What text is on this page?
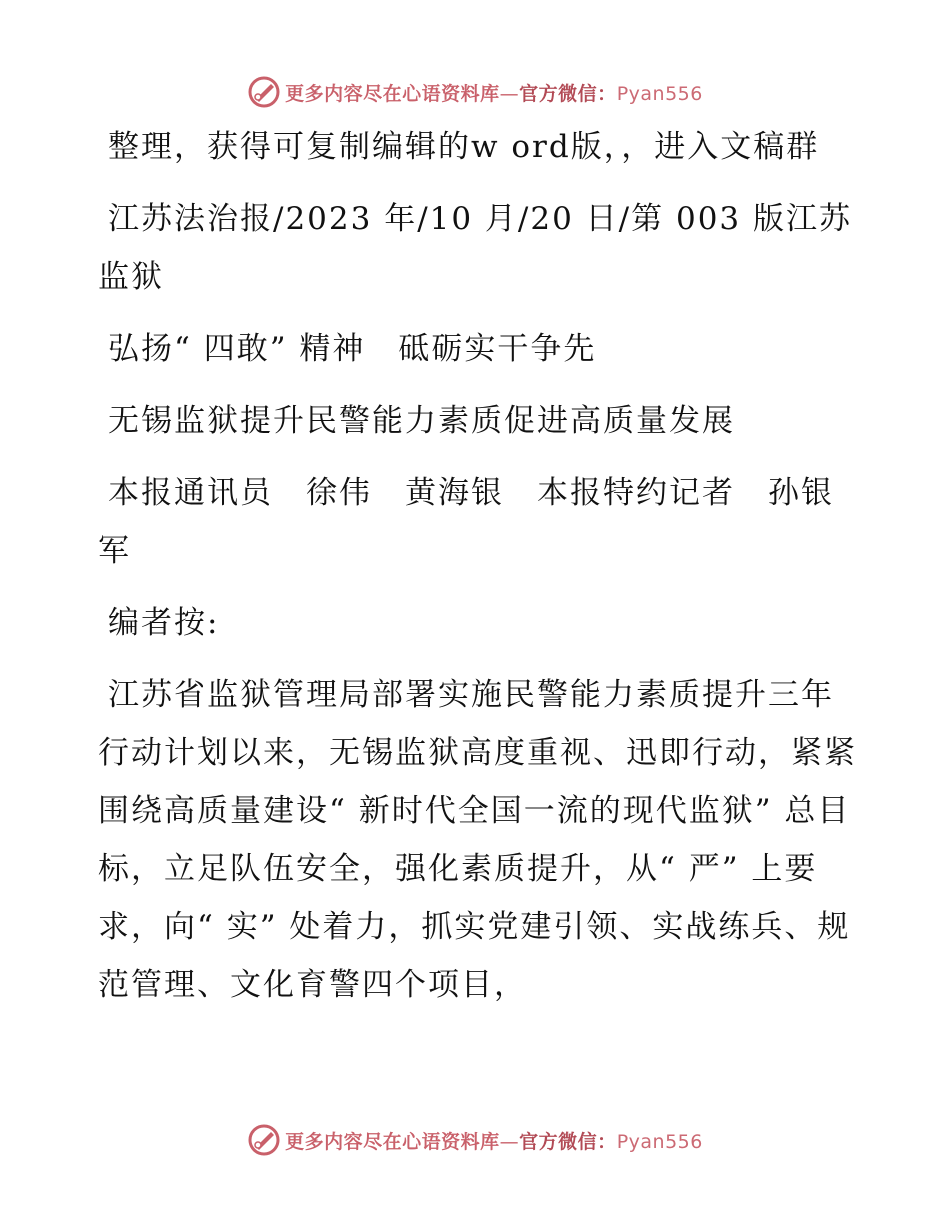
更多内容尽在心语资料库—官方微信：Pyan556

整理，获得可复制编辑的w ord版，，进入文稿群

江苏法治报/2023 年/10 月/20 日/第 003 版江苏监狱

弘扬“ 四敢” 精神　砥砺实干争先

无锡监狱提升民警能力素质促进高质量发展

本报通讯员　徐伟　黄海银　本报特约记者　孙银军

编者按:

江苏省监狱管理局部署实施民警能力素质提升三年行动计划以来，无锡监狱高度重视、迅即行动，紧紧围绕高质量建设“ 新时代全国一流的现代监狱” 总目标，立足队伍安全，强化素质提升，从“ 严” 上要求，向“ 实” 处着力，抓实党建引领、实战练兵、规范管理、文化育警四个项目，

更多内容尽在心语资料库—官方微信：Pyan556
